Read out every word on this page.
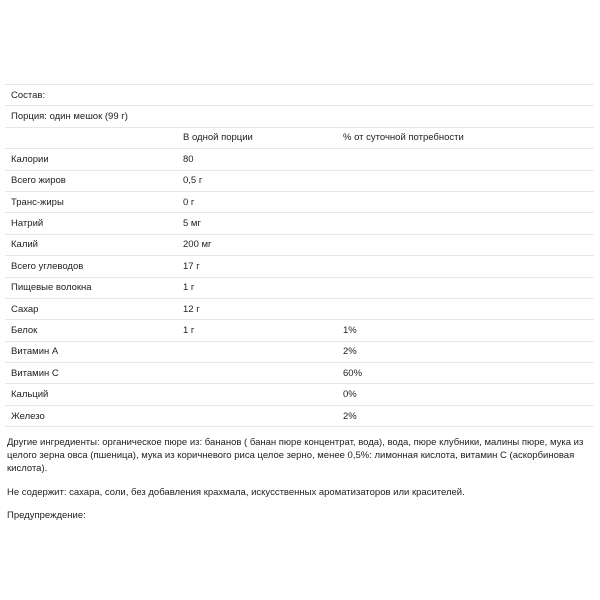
Состав:		
Порция: один мешок (99 г)		
	В одной порции	% от суточной потребности
Калории	80	
Всего жиров	0,5 г	
Транс-жиры	0 г	
Натрий	5 мг	
Калий	200 мг	
Всего углеводов	17 г	
Пищевые волокна	1 г	
Сахар	12 г	
Белок	1 г	1%
Витамин A		2%
Витамин C		60%
Кальций		0%
Железо		2%

Другие ингредиенты: органическое пюре из: бананов ( банан пюре концентрат, вода), вода, пюре клубники, малины пюре, мука из целого зерна овса (пшеница), мука из коричневого риса целое зерно, менее 0,5%: лимонная кислота, витамин C (аскорбиновая кислота).

Не содержит: сахара, соли, без добавления крахмала, искусственных ароматизаторов или красителей.

Предупреждение:
